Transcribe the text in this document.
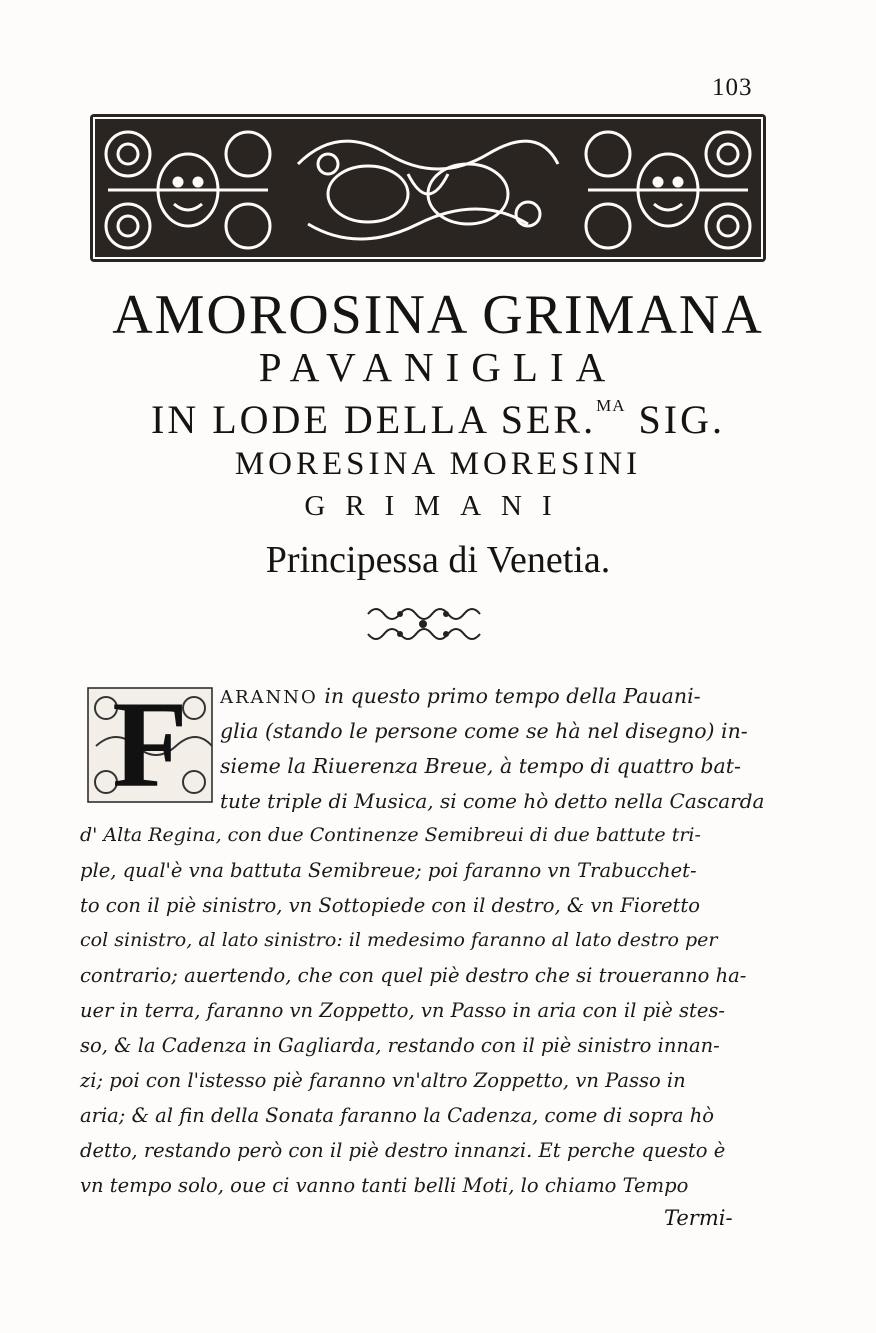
103
AMOROSINA GRIMANA
PAVANIGLIA
IN LODE DELLA SER.$^{MA}$ SIG.
MORESINA MORESINI
GRIMANI
Principessa di Venetia.
F	ARANNO in questo primo tempo della Pauani-
glia (stando le persone come se hà nel disegno) in-
sieme la Riuerenza Breue, à tempo di quattro bat-
tute triple di Musica, si come hò detto nella Cascarda
d' Alta Regina, con due Continenze Semibreui di due battute tri-
ple, qual'è vna battuta Semibreue; poi faranno vn Trabucchet-
to con il piè sinistro, vn Sottopiede con il destro, & vn Fioretto
col sinistro, al lato sinistro: il medesimo faranno al lato destro per
contrario; auertendo, che con quel piè destro che si troueranno ha-
uer in terra, faranno vn Zoppetto, vn Passo in aria con il piè stes-
so, & la Cadenza in Gagliarda, restando con il piè sinistro innan-
zi; poi con l'istesso piè faranno vn'altro Zoppetto, vn Passo in
aria; & al fin della Sonata faranno la Cadenza, come di sopra hò
detto, restando però con il piè destro innanzi. Et perche questo è
vn tempo solo, oue ci vanno tanti belli Moti, lo chiamo Tempo
Termi-
